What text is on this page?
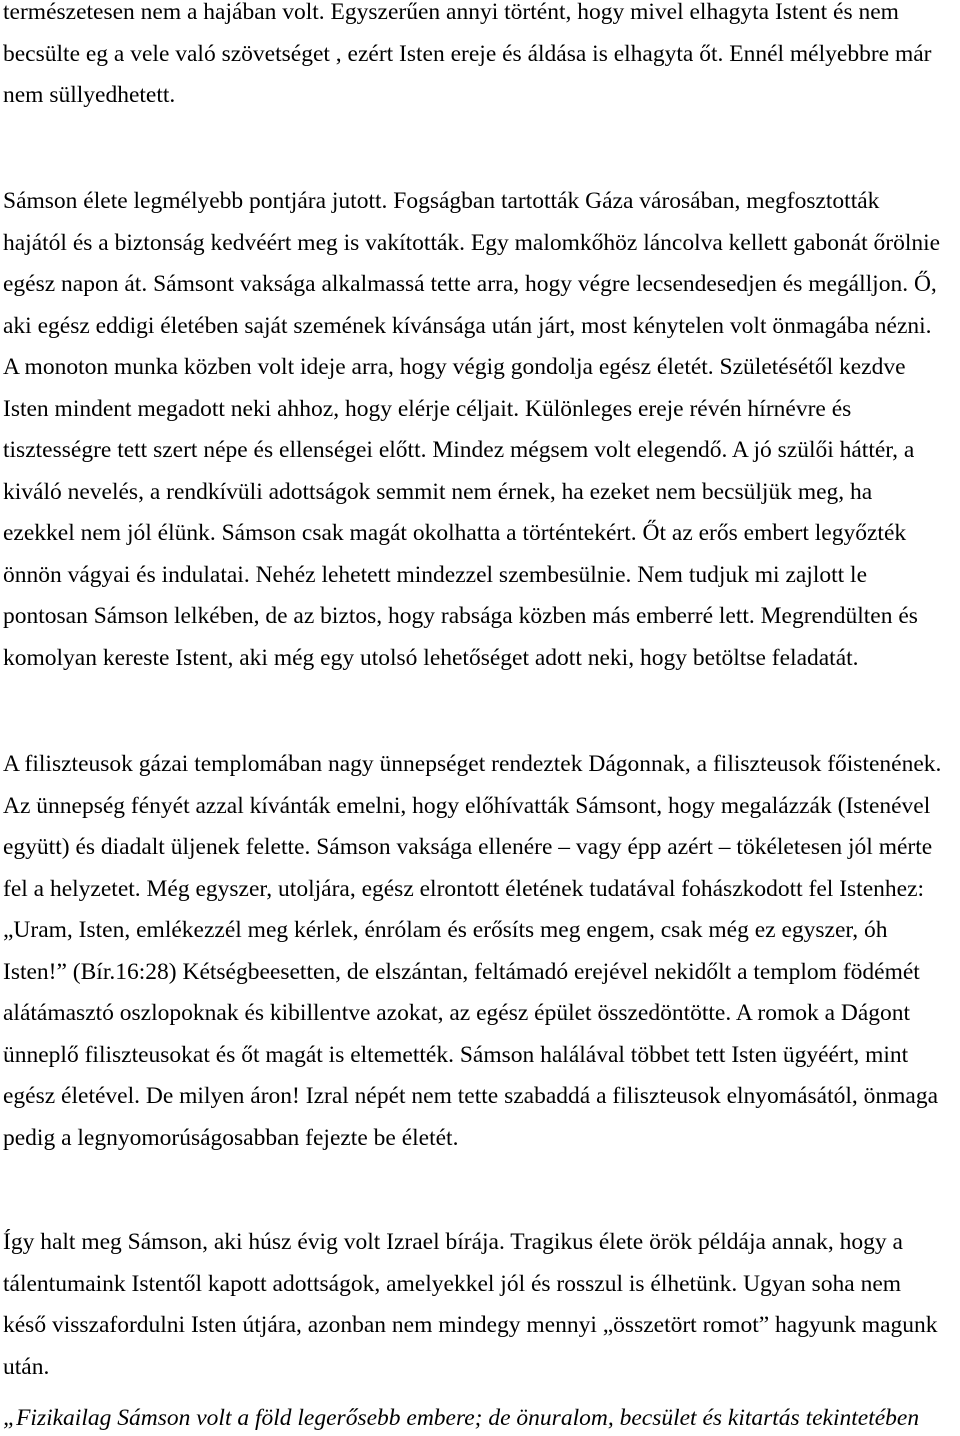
természetesen nem a hajában volt. Egyszerűen annyi történt, hogy mivel elhagyta Istent és nem
becsülte eg a vele való szövetséget , ezért Isten ereje és áldása is elhagyta őt. Ennél mélyebbre már
nem süllyedhetett.
Sámson élete legmélyebb pontjára jutott. Fogságban tartották Gáza városában, megfosztották
hajától és a biztonság kedvéért meg is vakították. Egy malomkőhöz láncolva kellett gabonát őrölnie
egész napon át. Sámsont vaksága alkalmassá tette arra, hogy végre lecsendesedjen és megálljon. Ő,
aki egész eddigi életében saját szemének kívánsága után járt, most kénytelen volt önmagába nézni.
A monoton munka közben volt ideje arra, hogy végig gondolja egész életét. Születésétől kezdve
Isten mindent megadott neki ahhoz, hogy elérje céljait. Különleges ereje révén hírnévre és
tisztességre tett szert népe és ellenségei előtt. Mindez mégsem volt elegendő. A jó szülői háttér, a
kiváló nevelés, a rendkívüli adottságok semmit nem érnek, ha ezeket nem becsüljük meg, ha
ezekkel nem jól élünk. Sámson csak magát okolhatta a történtekért. Őt az erős embert legyőzték
önnön vágyai és indulatai. Nehéz lehetett mindezzel szembesülnie. Nem tudjuk mi zajlott le
pontosan Sámson lelkében, de az biztos, hogy rabsága közben más emberré lett. Megrendülten és
komolyan kereste Istent, aki még egy utolsó lehetőséget adott neki, hogy betöltse feladatát.
A filiszteusok gázai templomában nagy ünnepséget rendeztek Dágonnak, a filiszteusok főistenének.
Az ünnepség fényét azzal kívánták emelni, hogy előhívatták Sámsont, hogy megalázzák (Istenével
együtt) és diadalt üljenek felette. Sámson vaksága ellenére – vagy épp azért – tökéletesen jól mérte
fel a helyzetet. Még egyszer, utoljára, egész elrontott életének tudatával fohászkodott fel Istenhez:
„Uram, Isten, emlékezzél meg kérlek, énrólam és erősíts meg engem, csak még ez egyszer, óh
Isten!” (Bír.16:28) Kétségbeesetten, de elszántan, feltámadó erejével nekidőlt a templom födémét
alátámasztó oszlopoknak és kibillentve azokat, az egész épület összedöntötte. A romok a Dágont
ünneplő filiszteusokat és őt magát is eltemették. Sámson halálával többet tett Isten ügyéért, mint
egész életével. De milyen áron! Izral népét nem tette szabaddá a filiszteusok elnyomásától, önmaga
pedig a legnyomorúságosabban fejezte be életét.
Így halt meg Sámson, aki húsz évig volt Izrael bírája. Tragikus élete örök példája annak, hogy a
tálentumaink Istentől kapott adottságok, amelyekkel jól és rosszul is élhetünk. Ugyan soha nem
késő visszafordulni Isten útjára, azonban nem mindegy mennyi „összetört romot” hagyunk magunk
után.
„Fizikailag Sámson volt a föld legerősebb embere; de önuralom, becsület és kitartás tekintetében
